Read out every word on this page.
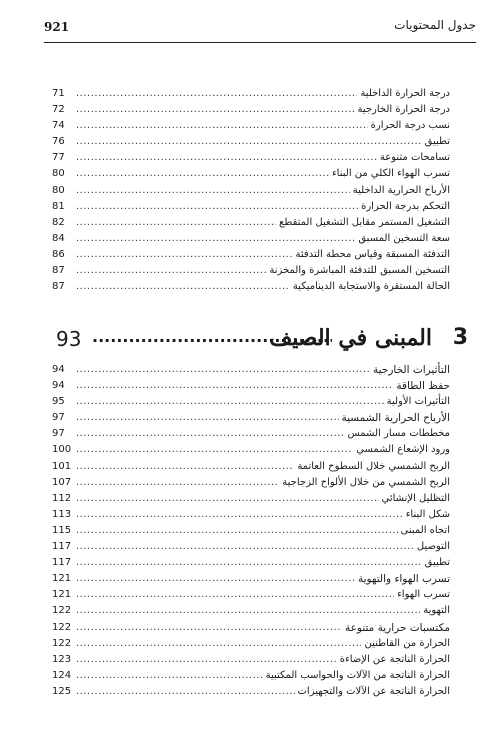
921	جدول المحتويات
71 .....	درجة الحرارة الداخلية
72 .....	درجة الحرارة الخارجية
74 .....	نسب درجة الحرارة
76 .....	تطبيق
77 .....	تسامحات متنوعة
80 .....	تسرب الهواء الكلي من البناء
80 .....	الأرباح الحرارية الداخلية
81 .....	التحكم بدرجة الحرارة
82 .....	التشغيل المستمر مقابل التشغيل المتقطع
84 .....	سعة التسخين المسبق
86 .....	التدفئة المسبقة وقياس محطة التدفئة
87 .....	التسخين المسبق للتدفئة المباشرة والمخزنة
87 .....	الحالة المستقرة والاستجابة الديناميكية
93 .....	المبنى في الصيف 3
94 .....	التأثيرات الخارجية
94 .....	حفظ الطاقة
95 .....	التأثيرات الأولية
97 .....	الأرباح الحرارية الشمسية
97 .....	مخططات مسار الشمس
100 .....	ورود الإشعاع الشمسي
101 .....	الربح الشمسي خلال السطوح العاتمة
107 .....	الربح الشمسي من خلال الألواح الزجاجية
112 .....	التظليل الإنشائي
113 .....	شكل البناء
115 .....	اتجاه المبنى
117 .....	التوصيل
117 .....	تطبيق
121 .....	تسرب الهواء والتهوية
121 .....	تسرب الهواء
122 .....	التهوية
122 .....	مكتسبات حرارية متنوعة
122 .....	الحرارة من القاطنين
123 .....	الحرارة الناتجة عن الإضاءة
124 .....	الحرارة الناتجة من الآلات والحواسب المكتبية
125 .....	الحرارة الناتجة عن الآلات والتجهيزات
